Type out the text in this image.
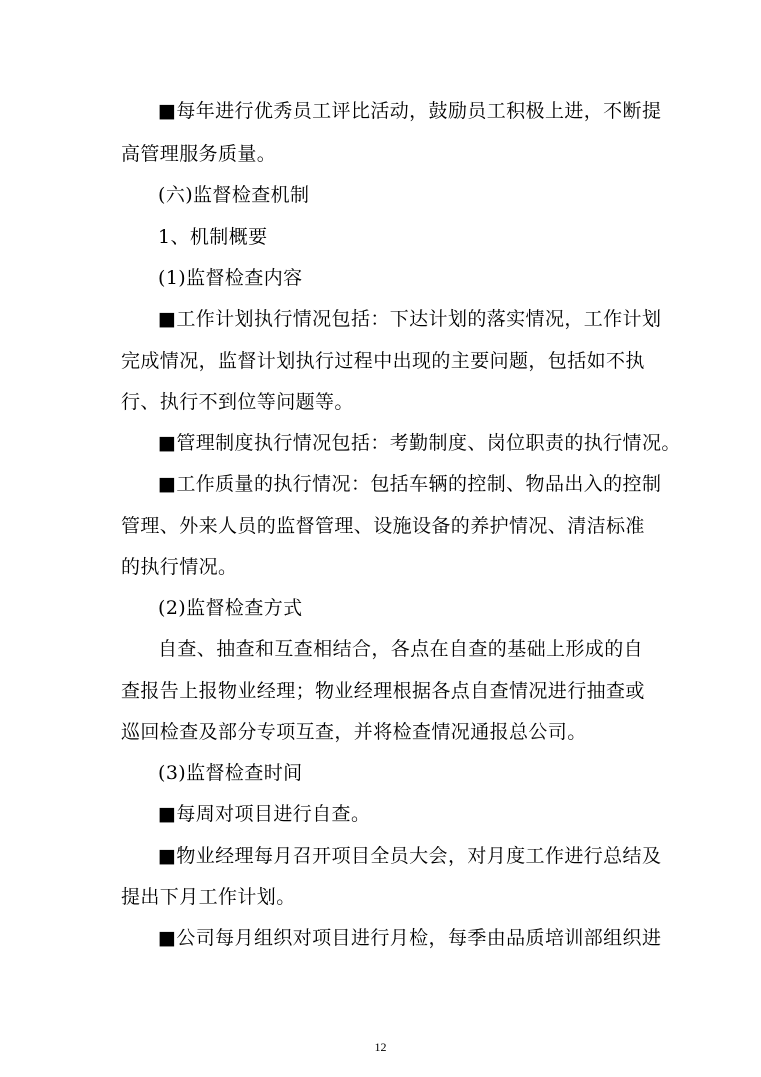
■每年进行优秀员工评比活动，鼓励员工积极上进，不断提
高管理服务质量。
(六)监督检查机制
1、机制概要
(1)监督检查内容
■工作计划执行情况包括：下达计划的落实情况，工作计划
完成情况，监督计划执行过程中出现的主要问题，包括如不执
行、执行不到位等问题等。
■管理制度执行情况包括：考勤制度、岗位职责的执行情况。
■工作质量的执行情况：包括车辆的控制、物品出入的控制
管理、外来人员的监督管理、设施设备的养护情况、清洁标准
的执行情况。
(2)监督检查方式
自查、抽查和互查相结合，各点在自查的基础上形成的自
查报告上报物业经理；物业经理根据各点自查情况进行抽查或
巡回检查及部分专项互查，并将检查情况通报总公司。
(3)监督检查时间
■每周对项目进行自查。
■物业经理每月召开项目全员大会，对月度工作进行总结及
提出下月工作计划。
■公司每月组织对项目进行月检，每季由品质培训部组织进
12
